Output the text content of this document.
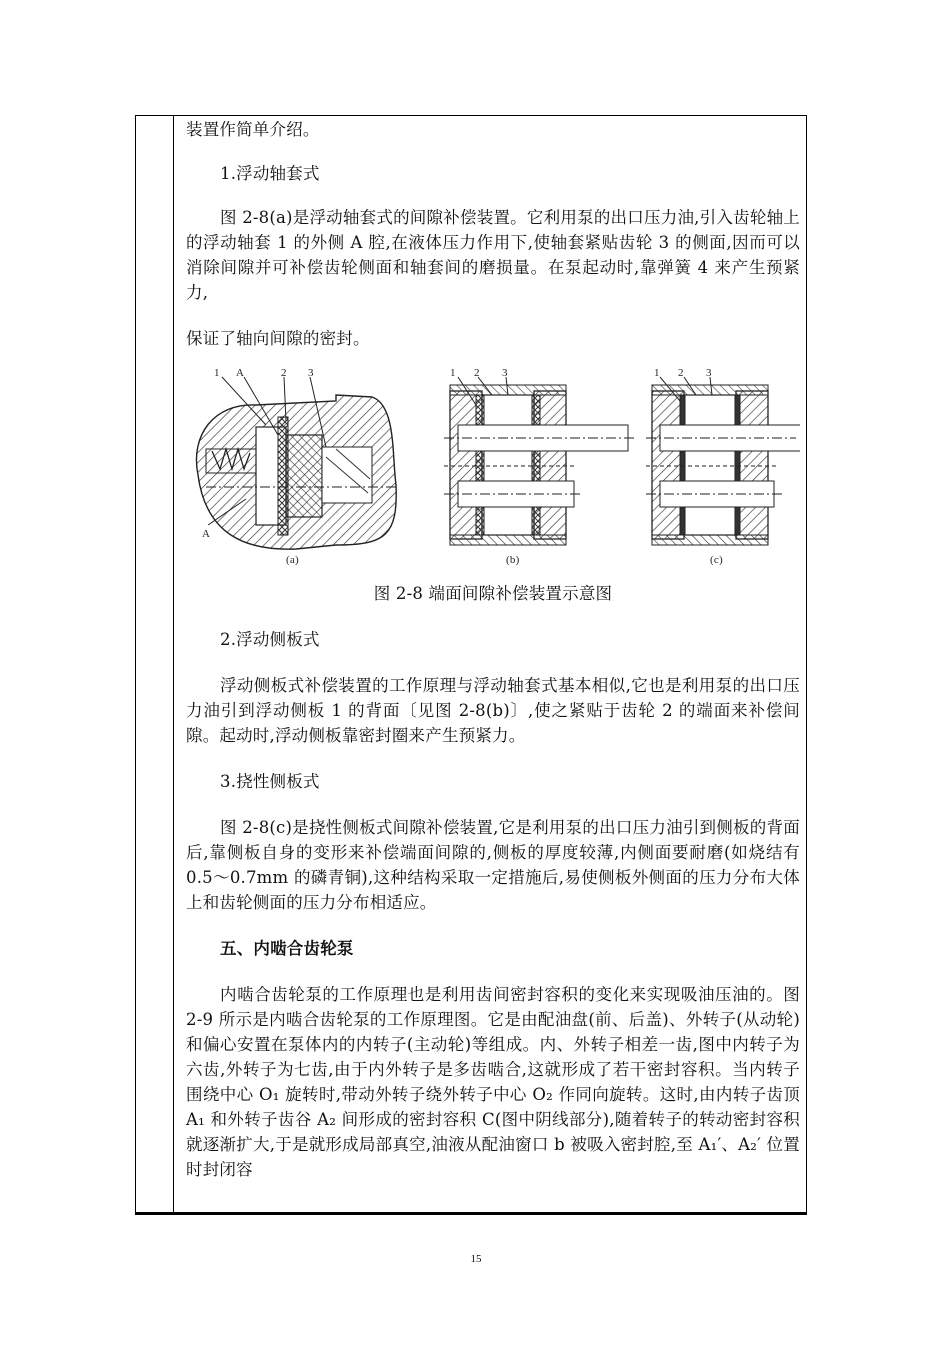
装置作简单介绍。

1.浮动轴套式

图 2-8(a)是浮动轴套式的间隙补偿装置。它利用泵的出口压力油,引入齿轮轴上的浮动轴套 1 的外侧 A 腔,在液体压力作用下,使轴套紧贴齿轮 3 的侧面,因而可以消除间隙并可补偿齿轮侧面和轴套间的磨损量。在泵起动时,靠弹簧 4 来产生预紧力,

保证了轴向间隙的密封。

1 A	2 3
A
(a)
1 2 3
(b)
1 2 3
(c)

图 2-8 端面间隙补偿装置示意图

2.浮动侧板式

浮动侧板式补偿装置的工作原理与浮动轴套式基本相似,它也是利用泵的出口压力油引到浮动侧板 1 的背面〔见图 2-8(b)〕,使之紧贴于齿轮 2 的端面来补偿间隙。起动时,浮动侧板靠密封圈来产生预紧力。

3.挠性侧板式

图 2-8(c)是挠性侧板式间隙补偿装置,它是利用泵的出口压力油引到侧板的背面后,靠侧板自身的变形来补偿端面间隙的,侧板的厚度较薄,内侧面要耐磨(如烧结有 0.5～0.7mm 的磷青铜),这种结构采取一定措施后,易使侧板外侧面的压力分布大体上和齿轮侧面的压力分布相适应。

五、内啮合齿轮泵

内啮合齿轮泵的工作原理也是利用齿间密封容积的变化来实现吸油压油的。图 2-9 所示是内啮合齿轮泵的工作原理图。它是由配油盘(前、后盖)、外转子(从动轮)和偏心安置在泵体内的内转子(主动轮)等组成。内、外转子相差一齿,图中内转子为六齿,外转子为七齿,由于内外转子是多齿啮合,这就形成了若干密封容积。当内转子围绕中心 O₁ 旋转时,带动外转子绕外转子中心 O₂ 作同向旋转。这时,由内转子齿顶 A₁ 和外转子齿谷 A₂ 间形成的密封容积 C(图中阴线部分),随着转子的转动密封容积就逐渐扩大,于是就形成局部真空,油液从配油窗口 b 被吸入密封腔,至 A₁′、A₂′ 位置时封闭容

15
